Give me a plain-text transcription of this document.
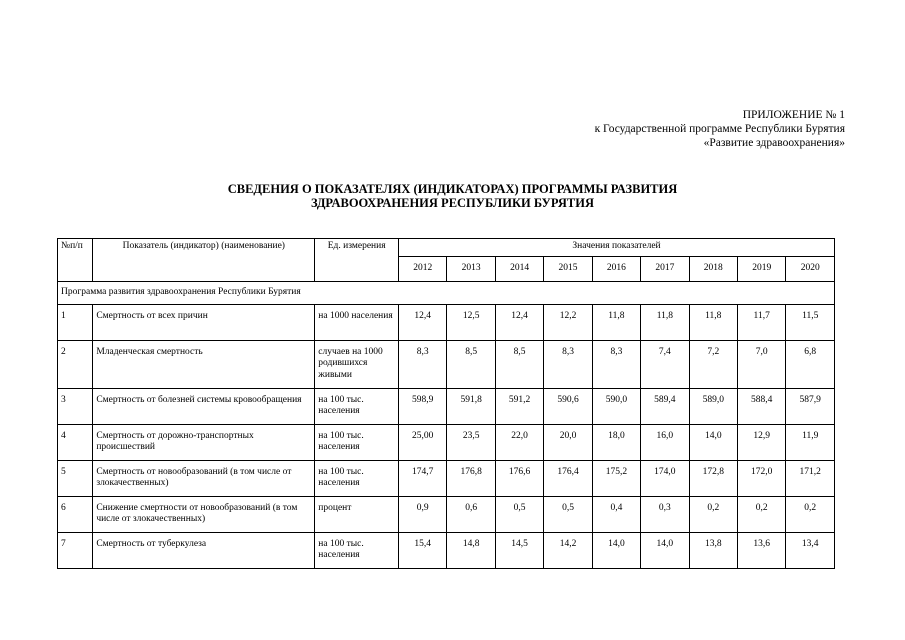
ПРИЛОЖЕНИЕ № 1
к Государственной программе Республики Бурятия
«Развитие здравоохранения»
СВЕДЕНИЯ О ПОКАЗАТЕЛЯХ (ИНДИКАТОРАХ) ПРОГРАММЫ РАЗВИТИЯ
ЗДРАВООХРАНЕНИЯ РЕСПУБЛИКИ БУРЯТИЯ
№п/п	Показатель (индикатор) (наименование)	Ед. измерения	Значения показателей								
			2012	2013	2014	2015	2016	2017	2018	2019	2020
Программа развития здравоохранения Республики Бурятия											
1	Смертность от всех причин	на 1000 населения	12,4	12,5	12,4	12,2	11,8	11,8	11,8	11,7	11,5
2	Младенческая смертность	случаев на 1000 родившихся живыми	8,3	8,5	8,5	8,3	8,3	7,4	7,2	7,0	6,8
3	Смертность от болезней системы кровообращения	на 100 тыс. населения	598,9	591,8	591,2	590,6	590,0	589,4	589,0	588,4	587,9
4	Смертность от дорожно-транспортных происшествий	на 100 тыс. населения	25,00	23,5	22,0	20,0	18,0	16,0	14,0	12,9	11,9
5	Смертность от новообразований (в том числе от злокачественных)	на 100 тыс. населения	174,7	176,8	176,6	176,4	175,2	174,0	172,8	172,0	171,2
6	Снижение смертности от новообразований (в том числе от злокачественных)	процент	0,9	0,6	0,5	0,5	0,4	0,3	0,2	0,2	0,2
7	Смертность от туберкулеза	на 100 тыс. населения	15,4	14,8	14,5	14,2	14,0	14,0	13,8	13,6	13,4
